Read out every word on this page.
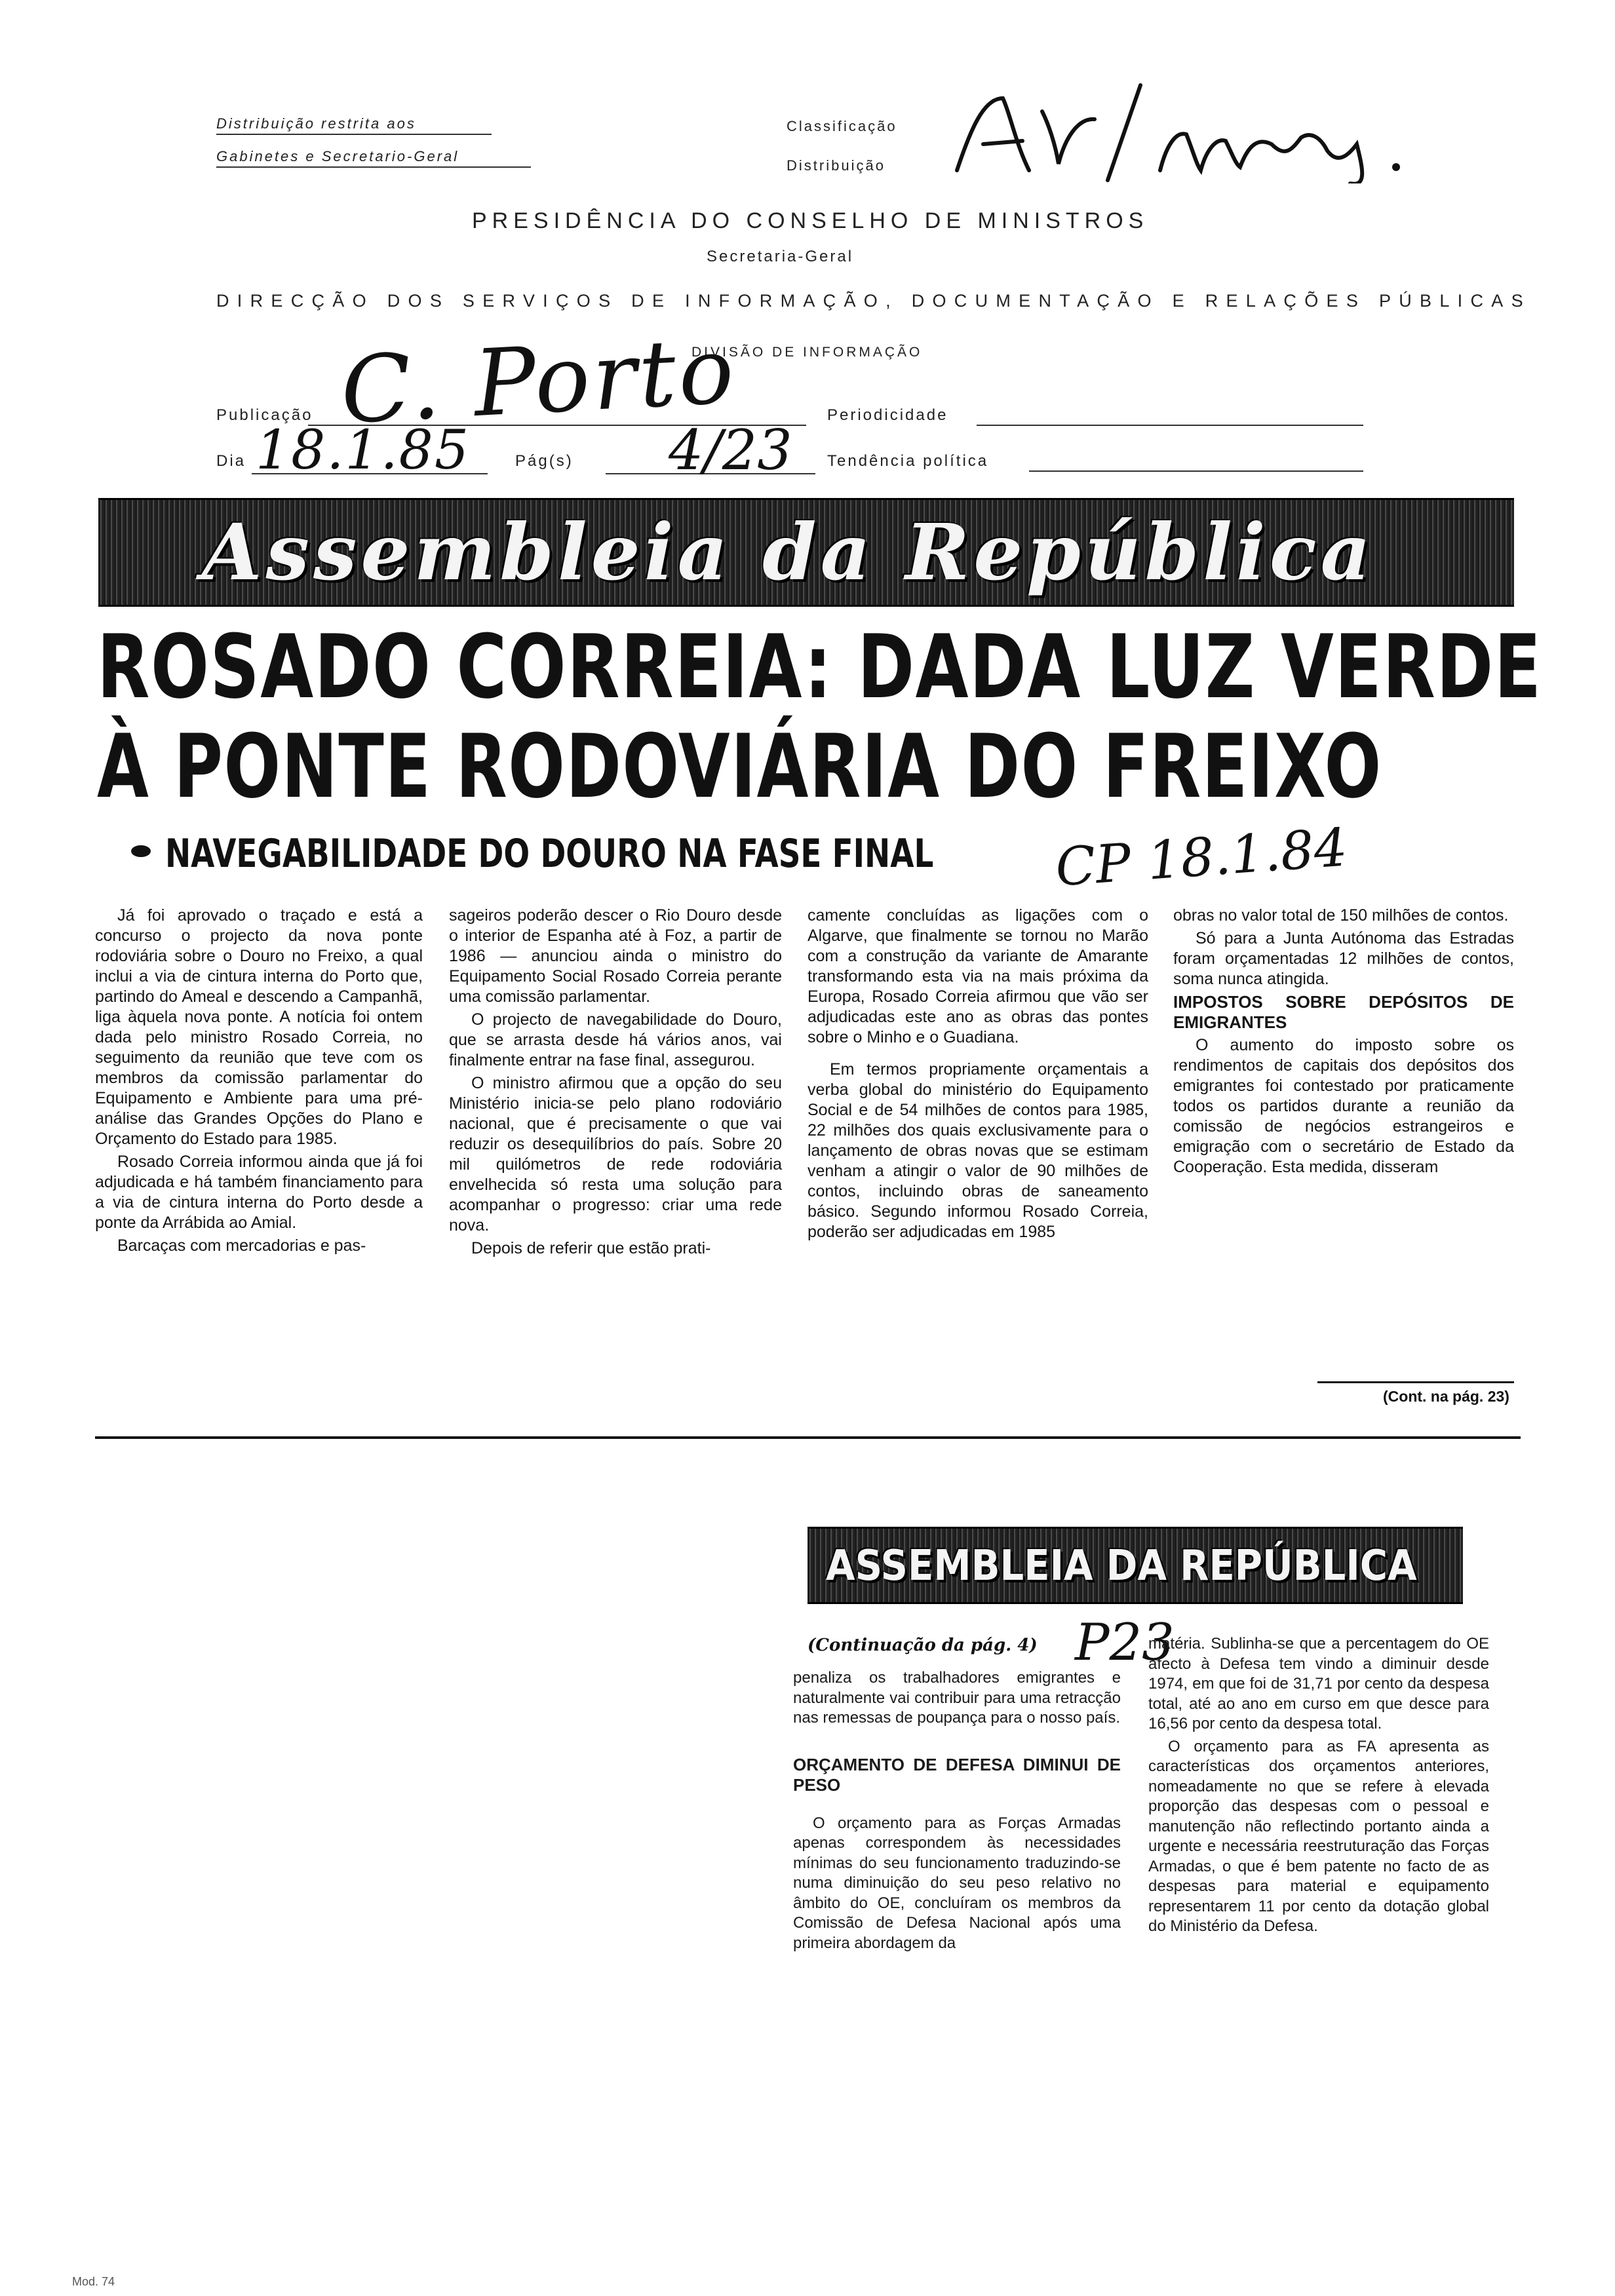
Distribuição restrita aos
Gabinetes e Secretario-Geral
Classificação
Distribuição
PRESIDÊNCIA DO CONSELHO DE MINISTROS
Secretaria-Geral
DIRECÇÃO DOS SERVIÇOS DE INFORMAÇÃO, DOCUMENTAÇÃO E RELAÇÕES PÚBLICAS
DIVISÃO DE INFORMAÇÃO
Publicação C. Porto	Periodicidade
Dia 18.1.85	Pág(s) 4/23 Tendência política
Assembleia da República
ROSADO CORREIA: DADA LUZ VERDE
À PONTE RODOVIÁRIA DO FREIXO
NAVEGABILIDADE DO DOURO NA FASE FINAL CP 18.1.84

Já foi aprovado o traçado e está a concurso o projecto da nova ponte rodoviária sobre o Douro no Freixo, a qual inclui a via de cintura interna do Porto que, partindo do Ameal e descendo a Campanhã, liga àquela nova ponte. A notícia foi ontem dada pelo ministro Rosado Correia, no seguimento da reunião que teve com os membros da comissão parlamentar do Equipamento e Ambiente para uma pré-análise das Grandes Opções do Plano e Orçamento do Estado para 1985.

Rosado Correia informou ainda que já foi adjudicada e há também financiamento para a via de cintura interna do Porto desde a ponte da Arrábida ao Amial.

Barcaças com mercadorias e pas-

sageiros poderão descer o Rio Douro desde o interior de Espanha até à Foz, a partir de 1986 — anunciou ainda o ministro do Equipamento Social Rosado Correia perante uma comissão parlamentar.

O projecto de navegabilidade do Douro, que se arrasta desde há vários anos, vai finalmente entrar na fase final, assegurou.

O ministro afirmou que a opção do seu Ministério inicia-se pelo plano rodoviário nacional, que é precisamente o que vai reduzir os desequilíbrios do país. Sobre 20 mil quilómetros de rede rodoviária envelhecida só resta uma solução para acompanhar o progresso: criar uma rede nova.

Depois de referir que estão prati-

camente concluídas as ligações com o Algarve, que finalmente se tornou no Marão com a construção da variante de Amarante transformando esta via na mais próxima da Europa, Rosado Correia afirmou que vão ser adjudicadas este ano as obras das pontes sobre o Minho e o Guadiana.

Em termos propriamente orçamentais a verba global do ministério do Equipamento Social e de 54 milhões de contos para 1985, 22 milhões dos quais exclusivamente para o lançamento de obras novas que se estimam venham a atingir o valor de 90 milhões de contos, incluindo obras de saneamento básico. Segundo informou Rosado Correia, poderão ser adjudicadas em 1985

obras no valor total de 150 milhões de contos.

Só para a Junta Autónoma das Estradas foram orçamentadas 12 milhões de contos, soma nunca atingida.

IMPOSTOS SOBRE DEPÓSITOS DE EMIGRANTES

O aumento do imposto sobre os rendimentos de capitais dos depósitos dos emigrantes foi contestado por praticamente todos os partidos durante a reunião da comissão de negócios estrangeiros e emigração com o secretário de Estado da Cooperação. Esta medida, disseram

(Cont. na pág. 23)
ASSEMBLEIA DA REPÚBLICA
(Continuação da pág. 4) P23

penaliza os trabalhadores emigrantes e naturalmente vai contribuir para uma retracção nas remessas de poupança para o nosso país.

ORÇAMENTO DE DEFESA DIMINUI DE PESO

O orçamento para as Forças Armadas apenas correspondem às necessidades mínimas do seu funcionamento traduzindo-se numa diminuição do seu peso relativo no âmbito do OE, concluíram os membros da Comissão de Defesa Nacional após uma primeira abordagem da

matéria. Sublinha-se que a percentagem do OE afecto à Defesa tem vindo a diminuir desde 1974, em que foi de 31,71 por cento da despesa total, até ao ano em curso em que desce para 16,56 por cento da despesa total.

O orçamento para as FA apresenta as características dos orçamentos anteriores, nomeadamente no que se refere à elevada proporção das despesas com o pessoal e manutenção não reflectindo portanto ainda a urgente e necessária reestruturação das Forças Armadas, o que é bem patente no facto de as despesas para material e equipamento representarem 11 por cento da dotação global do Ministério da Defesa.

Mod. 74
